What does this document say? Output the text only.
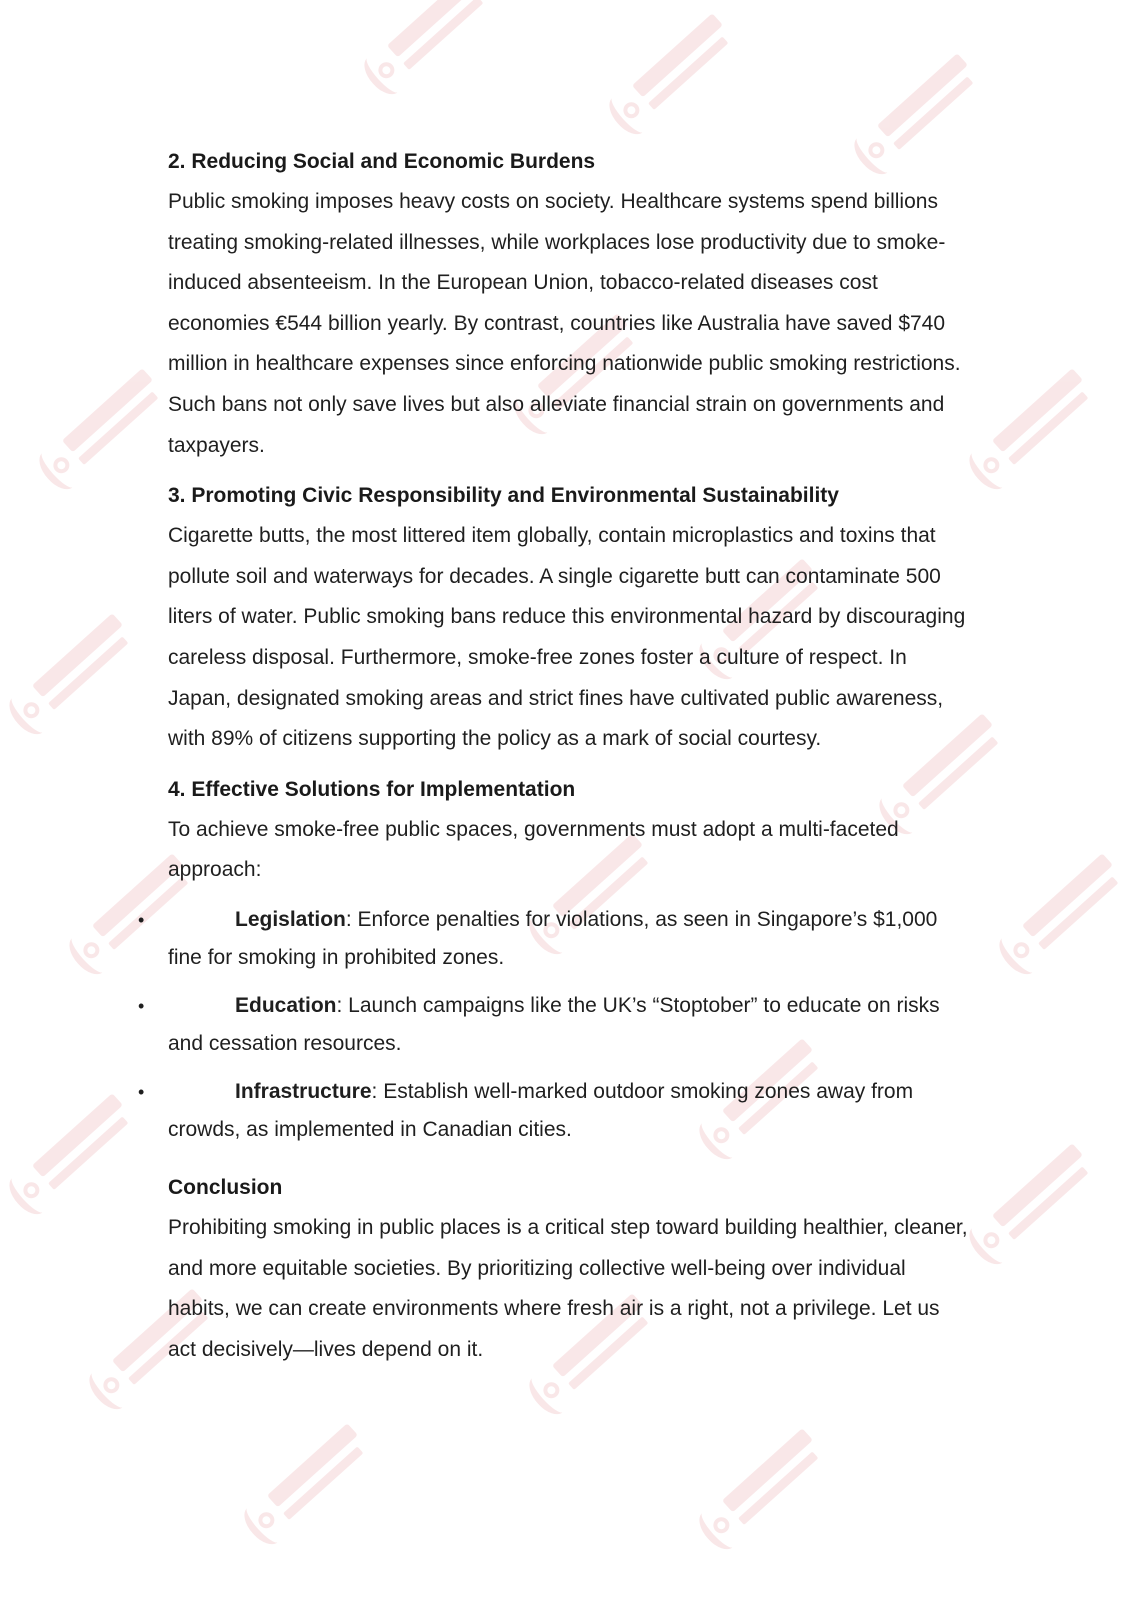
2. Reducing Social and Economic Burdens

Public smoking imposes heavy costs on society. Healthcare systems spend billions treating smoking-related illnesses, while workplaces lose productivity due to smoke-induced absenteeism. In the European Union, tobacco-related diseases cost economies €544 billion yearly. By contrast, countries like Australia have saved $740 million in healthcare expenses since enforcing nationwide public smoking restrictions. Such bans not only save lives but also alleviate financial strain on governments and taxpayers.

3. Promoting Civic Responsibility and Environmental Sustainability

Cigarette butts, the most littered item globally, contain microplastics and toxins that pollute soil and waterways for decades. A single cigarette butt can contaminate 500 liters of water. Public smoking bans reduce this environmental hazard by discouraging careless disposal. Furthermore, smoke-free zones foster a culture of respect. In Japan, designated smoking areas and strict fines have cultivated public awareness, with 89% of citizens supporting the policy as a mark of social courtesy.

4. Effective Solutions for Implementation

To achieve smoke-free public spaces, governments must adopt a multi-faceted approach:

•	Legislation: Enforce penalties for violations, as seen in Singapore’s $1,000 fine for smoking in prohibited zones.
•	Education: Launch campaigns like the UK’s “Stoptober” to educate on risks and cessation resources.
•	Infrastructure: Establish well-marked outdoor smoking zones away from crowds, as implemented in Canadian cities.
Conclusion

Prohibiting smoking in public places is a critical step toward building healthier, cleaner, and more equitable societies. By prioritizing collective well-being over individual habits, we can create environments where fresh air is a right, not a privilege. Let us act decisively—lives depend on it.
